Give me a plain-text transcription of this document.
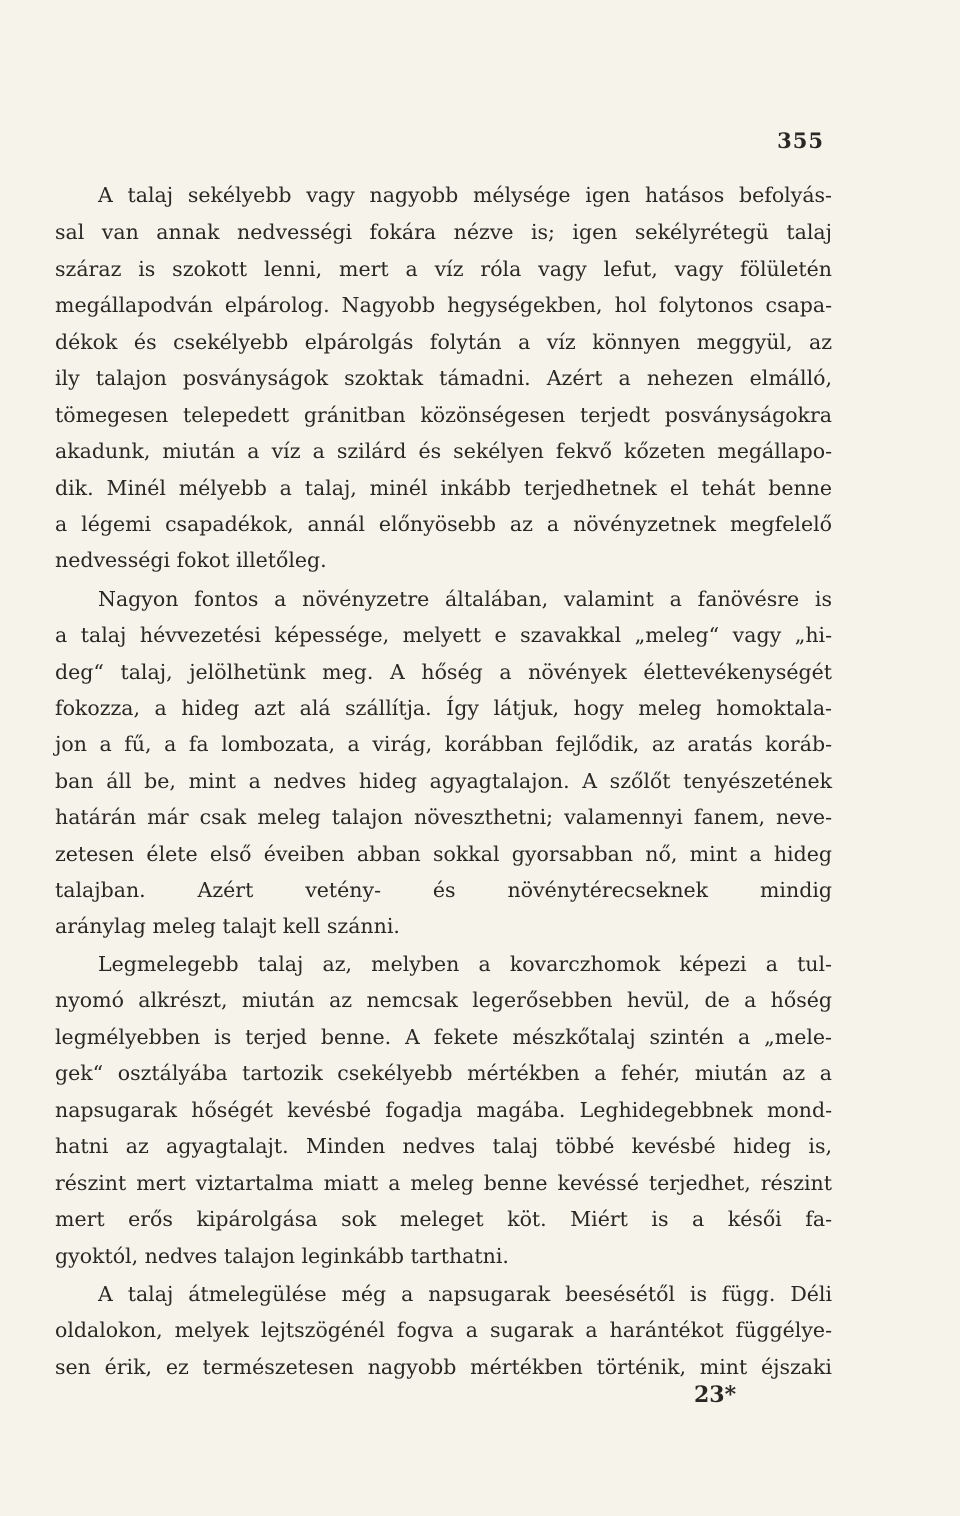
355
A talaj sekélyebb vagy nagyobb mélysége igen hatásos befolyás-
sal van annak nedvességi fokára nézve is; igen sekélyrétegü talaj
száraz is szokott lenni, mert a víz róla vagy lefut, vagy fölületén
megállapodván elpárolog. Nagyobb hegységekben, hol folytonos csapa-
dékok és csekélyebb elpárolgás folytán a víz könnyen meggyül, az
ily talajon posványságok szoktak támadni. Azért a nehezen elmálló,
tömegesen telepedett gránitban közönségesen terjedt posványságokra
akadunk, miután a víz a szilárd és sekélyen fekvő kőzeten megállapo-
dik. Minél mélyebb a talaj, minél inkább terjedhetnek el tehát benne
a légemi csapadékok, annál előnyösebb az a növényzetnek megfelelő
nedvességi fokot illetőleg.
Nagyon fontos a növényzetre általában, valamint a fanövésre is
a talaj hévvezetési képessége, melyett e szavakkal „meleg“ vagy „hi-
deg“ talaj, jelölhetünk meg. A hőség a növények élettevékenységét
fokozza, a hideg azt alá szállítja. Így látjuk, hogy meleg homoktala-
jon a fű, a fa lombozata, a virág, korábban fejlődik, az aratás koráb-
ban áll be, mint a nedves hideg agyagtalajon. A szőlőt tenyészetének
határán már csak meleg talajon növeszthetni; valamennyi fanem, neve-
zetesen élete első éveiben abban sokkal gyorsabban nő, mint a hideg
talajban. Azért vetény- és növénytérecseknek mindig
aránylag meleg talajt kell szánni.
Legmelegebb talaj az, melyben a kovarczhomok képezi a tul-
nyomó alkrészt, miután az nemcsak legerősebben hevül, de a hőség
legmélyebben is terjed benne. A fekete mészkőtalaj szintén a „mele-
gek“ osztályába tartozik csekélyebb mértékben a fehér, miután az a
napsugarak hőségét kevésbé fogadja magába. Leghidegebbnek mond-
hatni az agyagtalajt. Minden nedves talaj többé kevésbé hideg is,
részint mert viztartalma miatt a meleg benne kevéssé terjedhet, részint
mert erős kipárolgása sok meleget köt. Miért is a késői fa-
gyoktól, nedves talajon leginkább tarthatni.
A talaj átmelegülése még a napsugarak beesésétől is függ. Déli
oldalokon, melyek lejtszögénél fogva a sugarak a harántékot függélye-
sen érik, ez természetesen nagyobb mértékben történik, mint éjszaki
23*
